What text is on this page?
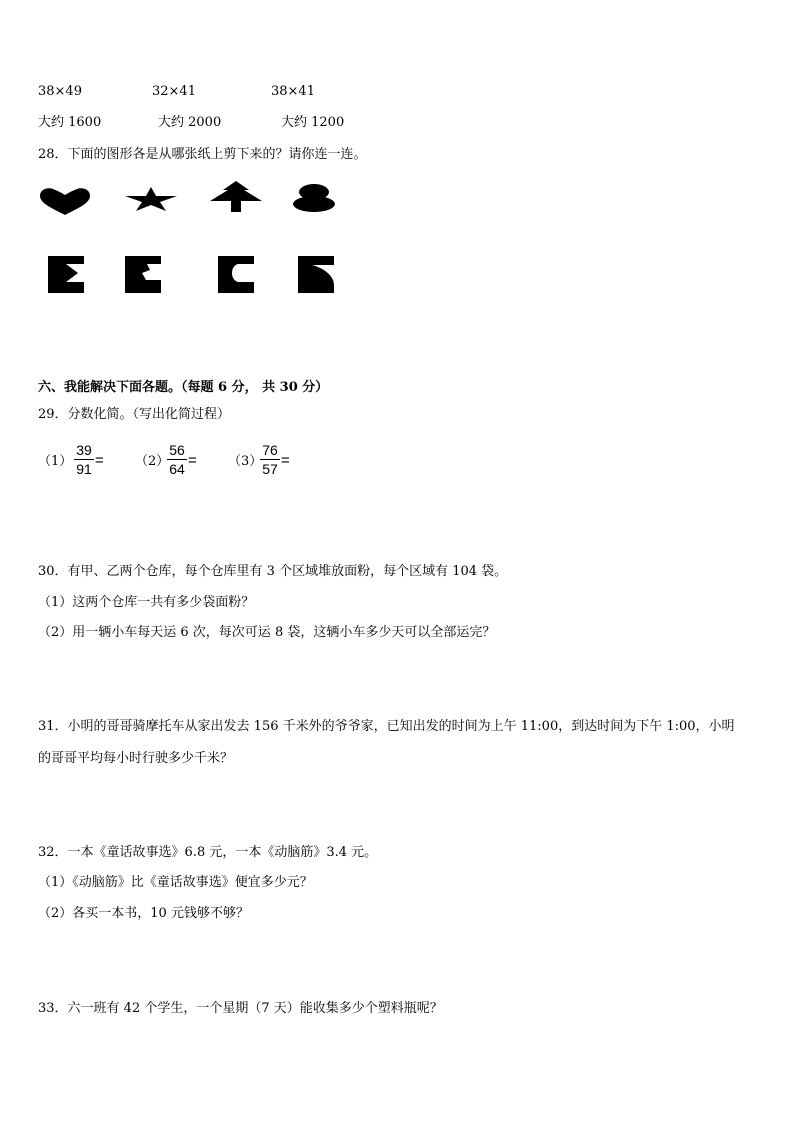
38×49	32×41	38×41
大约 1600	大约 2000	大约 1200
28．下面的图形各是从哪张纸上剪下来的？请你连一连。
六、我能解决下面各题。（每题 6 分， 共 30 分）
29．分数化简。（写出化简过程）
（1）
39
91 = （2）
56
64 = （3）
76
57 =
30．有甲、乙两个仓库，每个仓库里有 3 个区域堆放面粉，每个区域有 104 袋。
（1）这两个仓库一共有多少袋面粉？
（2）用一辆小车每天运 6 次，每次可运 8 袋，这辆小车多少天可以全部运完？
31．小明的哥哥骑摩托车从家出发去 156 千米外的爷爷家，已知出发的时间为上午 11:00，到达时间为下午 1:00，小明
的哥哥平均每小时行驶多少千米？
32．一本《童话故事选》6.8 元，一本《动脑筋》3.4 元。
（1）《动脑筋》比《童话故事选》便宜多少元？
（2）各买一本书，10 元钱够不够？
33．六一班有 42 个学生，一个星期（7 天）能收集多少个塑料瓶呢？
